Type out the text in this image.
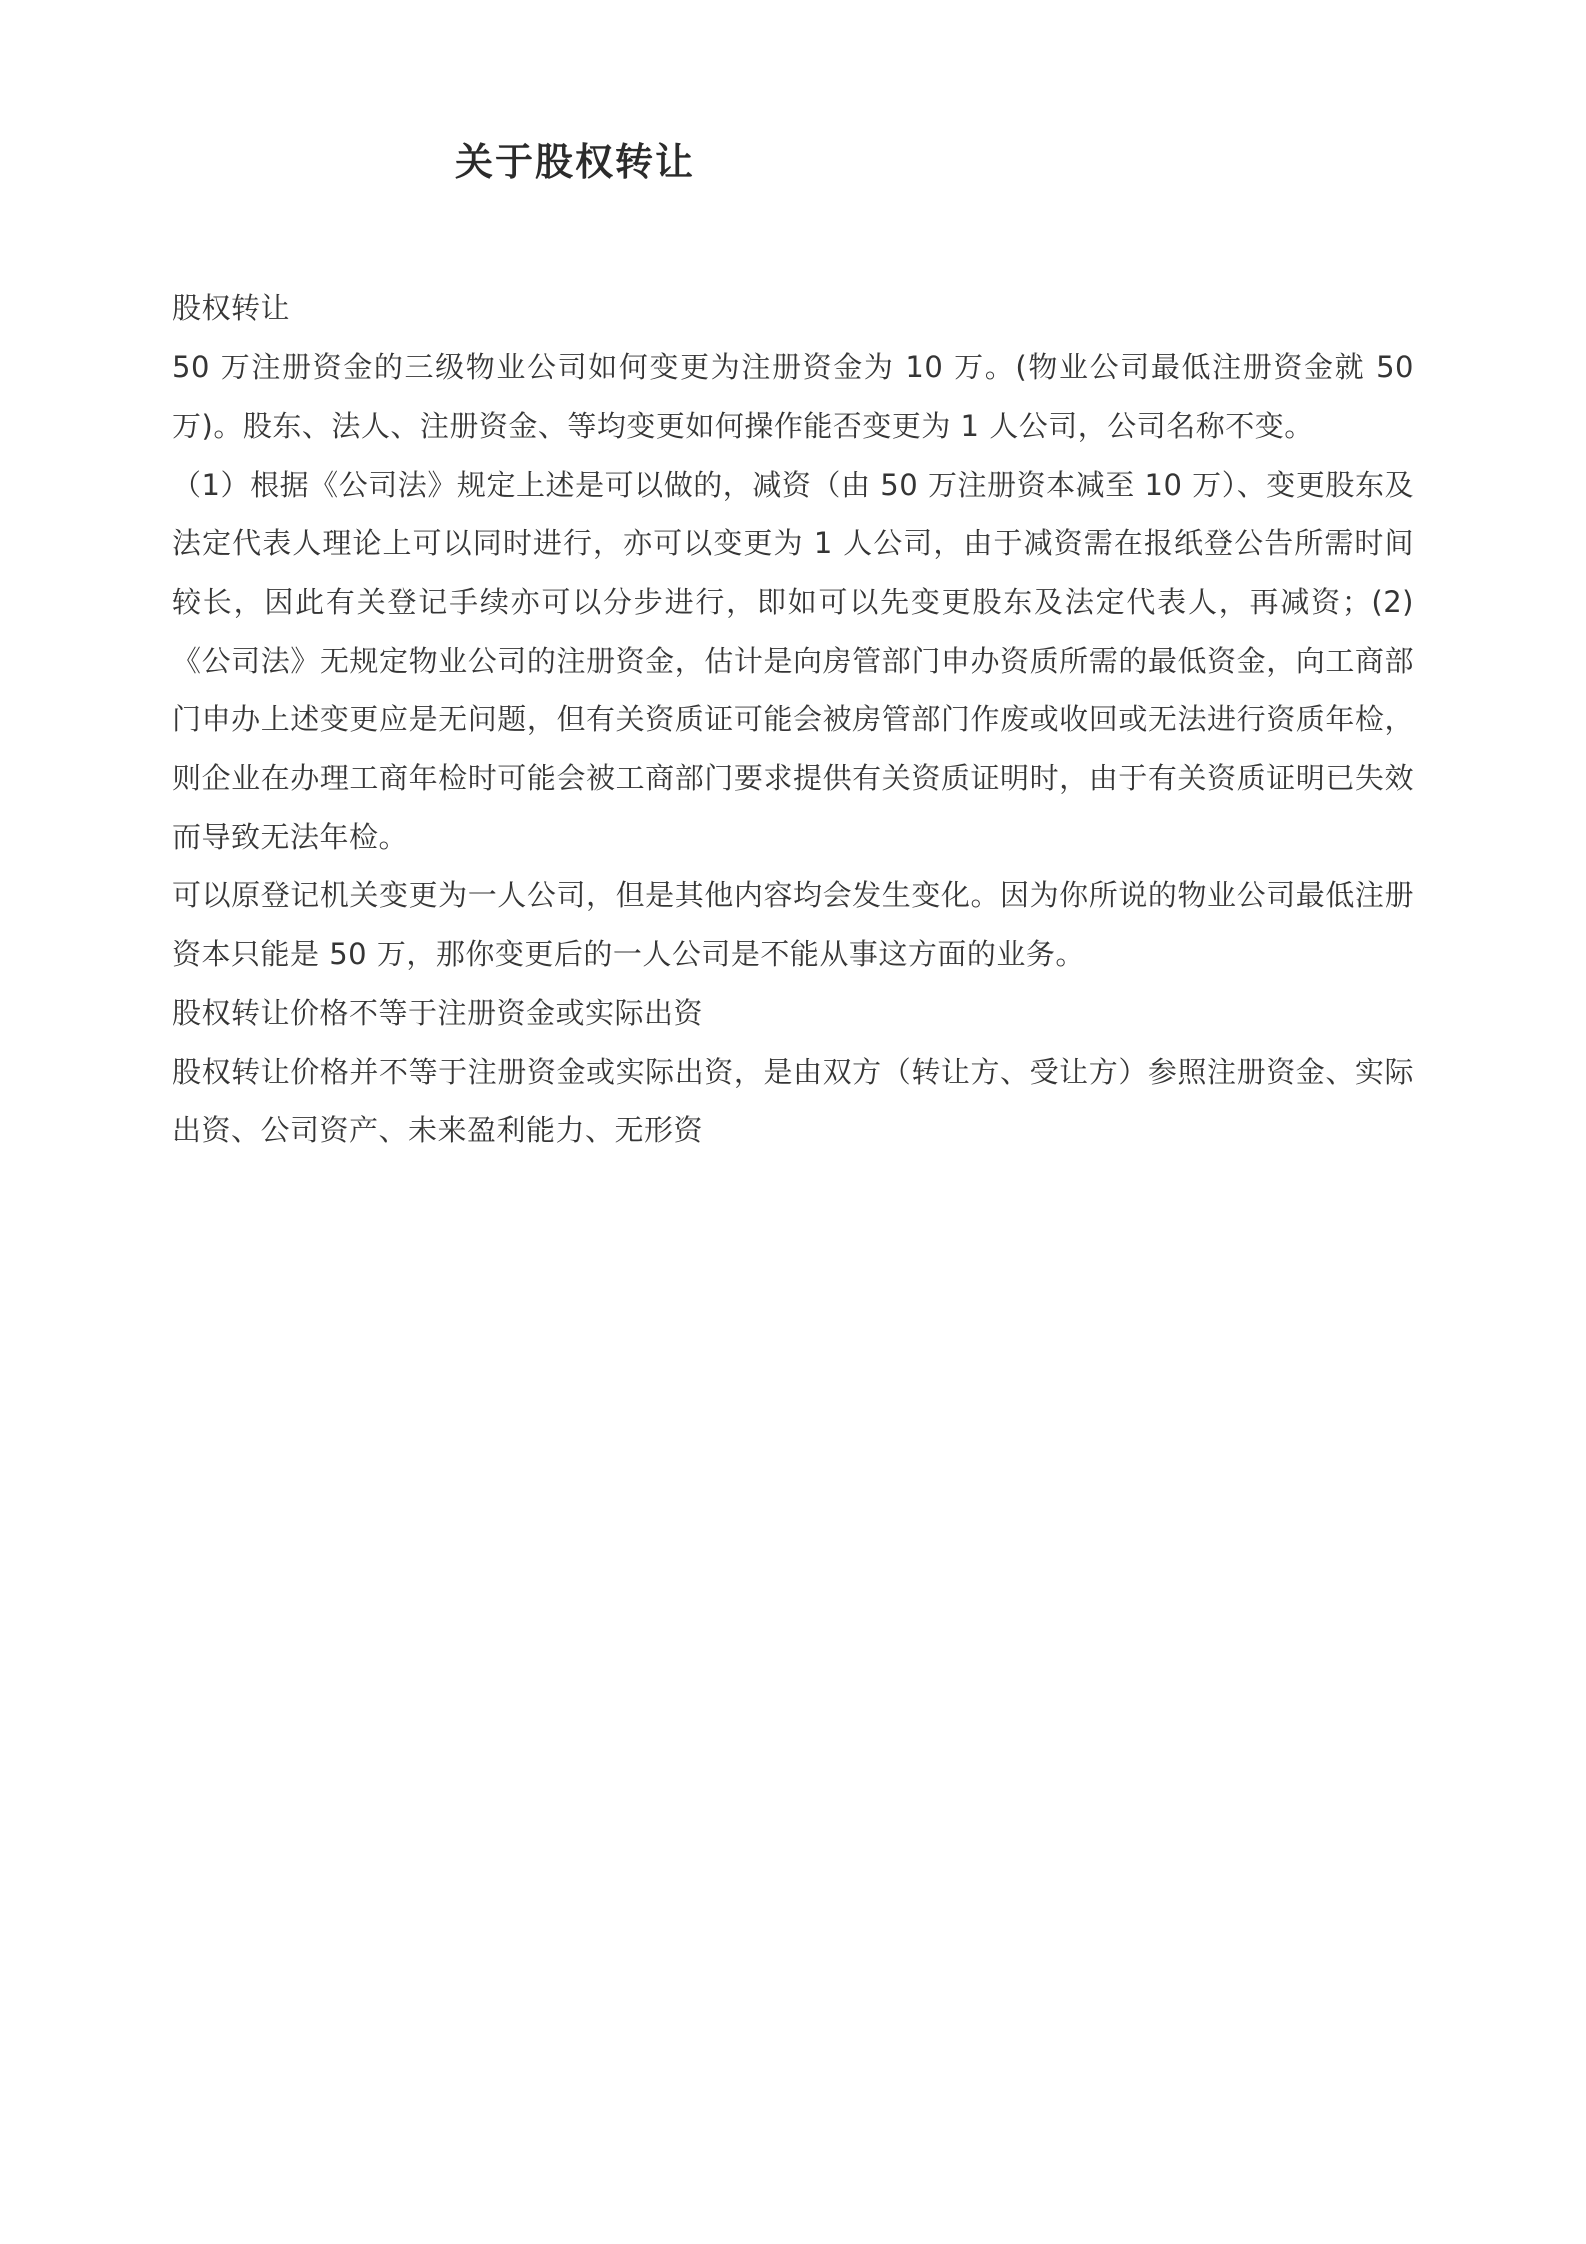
关于股权转让

股权转让

50 万注册资金的三级物业公司如何变更为注册资金为 10 万。(物业公司最低注册资金就 50 万)。股东、法人、注册资金、等均变更如何操作能否变更为 1 人公司，公司名称不变。

（1）根据《公司法》规定上述是可以做的，减资（由 50 万注册资本减至 10 万）、变更股东及法定代表人理论上可以同时进行，亦可以变更为 1 人公司，由于减资需在报纸登公告所需时间较长，因此有关登记手续亦可以分步进行，即如可以先变更股东及法定代表人，再减资；(2)《公司法》无规定物业公司的注册资金，估计是向房管部门申办资质所需的最低资金，向工商部门申办上述变更应是无问题，但有关资质证可能会被房管部门作废或收回或无法进行资质年检，则企业在办理工商年检时可能会被工商部门要求提供有关资质证明时，由于有关资质证明已失效而导致无法年检。

可以原登记机关变更为一人公司，但是其他内容均会发生变化。因为你所说的物业公司最低注册资本只能是 50 万，那你变更后的一人公司是不能从事这方面的业务。

股权转让价格不等于注册资金或实际出资

股权转让价格并不等于注册资金或实际出资，是由双方（转让方、受让方）参照注册资金、实际出资、公司资产、未来盈利能力、无形资
